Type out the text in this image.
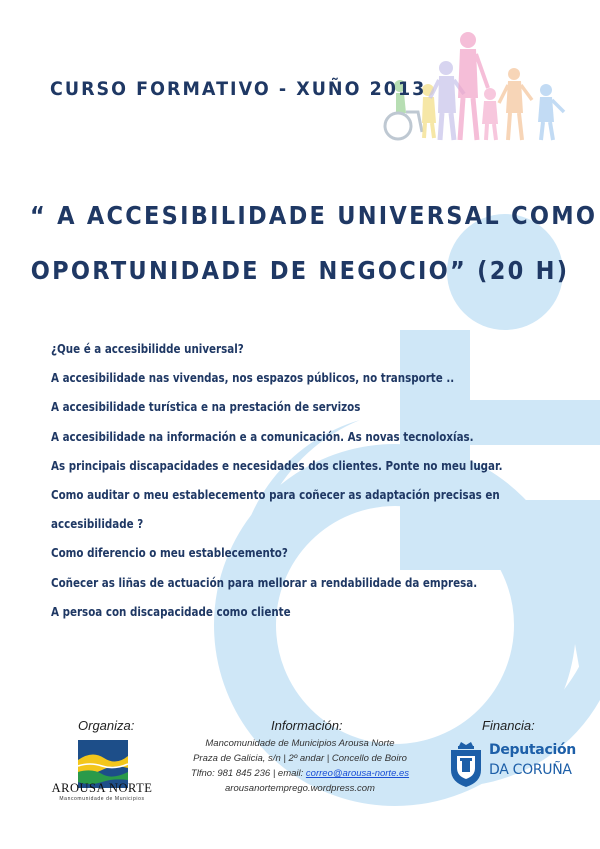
CURSO FORMATIVO - XUÑO 2013
“ A ACCESIBILIDADE UNIVERSAL COMO
OPORTUNIDADE DE NEGOCIO” (20 H)
¿Que é a accesibilidde universal?
A accesibilidade nas vivendas, nos espazos públicos, no transporte ..
A accesibilidade turística e na prestación de servizos
A accesibilidade na información e a comunicación. As novas tecnoloxías.
As principais discapacidades e necesidades dos clientes. Ponte no meu lugar.
Como auditar o meu establecemento para coñecer as adaptación precisas en
accesibilidade ?
Como diferencio o meu establecemento?
Coñecer as liñas de actuación para mellorar a rendabilidade da empresa.
A persoa con discapacidade como cliente
Organiza:	Información:	Financia:
AROUSA NORTE
Mancomunidade de Municipios
Mancomunidade de Municipios Arousa Norte
Praza de Galicia, s/n | 2º andar | Concello de Boiro
Tlfno: 981 845 236 | email: correo@arousa-norte.es
arousanortemprego.wordpress.com
Deputación
DA CORUÑA
